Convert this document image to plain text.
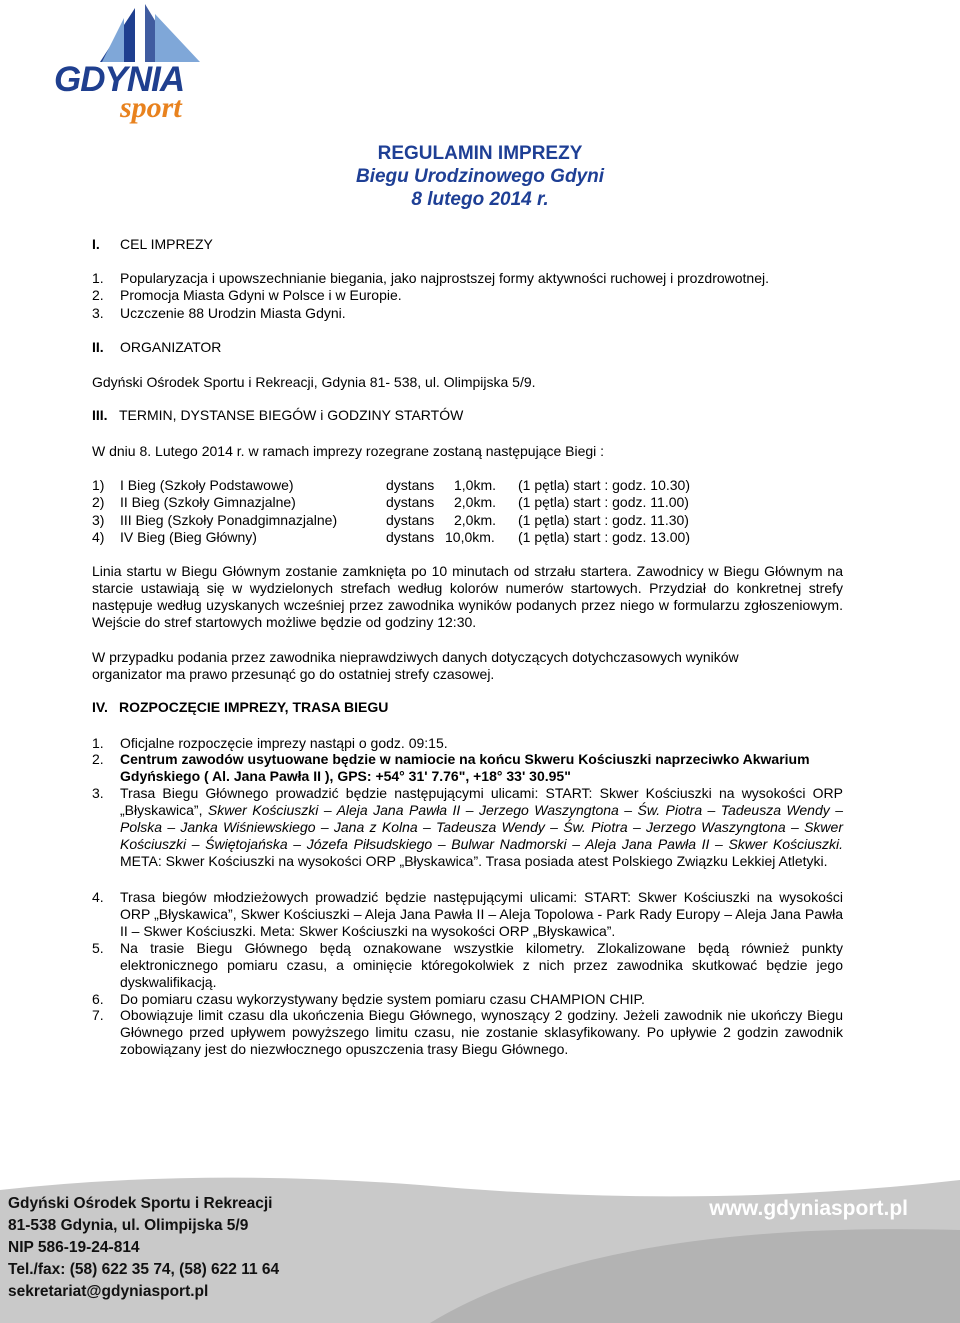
GDYNIA
sport
REGULAMIN IMPREZY
Biegu Urodzinowego Gdyni
8 lutego 2014 r.
I. CEL IMPREZY
1. Popularyzacja i upowszechnianie biegania, jako najprostszej formy aktywności ruchowej i prozdrowotnej.
2. Promocja Miasta Gdyni w Polsce i w Europie.
3. Uczczenie 88 Urodzin Miasta Gdyni.
II. ORGANIZATOR
Gdyński Ośrodek Sportu i Rekreacji, Gdynia 81- 538, ul. Olimpijska 5/9.
III. TERMIN, DYSTANSE BIEGÓW i GODZINY STARTÓW
W dniu 8. Lutego 2014 r. w ramach imprezy rozegrane zostaną następujące Biegi :
1) I Bieg (Szkoły Podstawowe)	dystans 1,0km. (1 pętla) start : godz. 10.30)
2) II Bieg (Szkoły Gimnazjalne)	dystans 2,0km. (1 pętla) start : godz. 11.00)
3) III Bieg (Szkoły Ponadgimnazjalne)	dystans 2,0km. (1 pętla) start : godz. 11.30)
4) IV Bieg (Bieg Główny)	dystans 10,0km. (1 pętla) start : godz. 13.00)
Linia startu w Biegu Głównym zostanie zamknięta po 10 minutach od strzału startera. Zawodnicy w Biegu Głównym na starcie ustawiają się w wydzielonych strefach według kolorów numerów startowych. Przydział do konkretnej strefy następuje według uzyskanych wcześniej przez zawodnika wyników podanych przez niego w formularzu zgłoszeniowym. Wejście do stref startowych możliwe będzie od godziny 12:30.
W przypadku podania przez zawodnika nieprawdziwych danych dotyczących dotychczasowych wyników organizator ma prawo przesunąć go do ostatniej strefy czasowej.
IV. ROZPOCZĘCIE IMPREZY, TRASA BIEGU
1. Oficjalne rozpoczęcie imprezy nastąpi o godz. 09:15.
2. Centrum zawodów usytuowane będzie w namiocie na końcu Skweru Kościuszki naprzeciwko Akwarium Gdyńskiego ( Al. Jana Pawła II ), GPS: +54° 31' 7.76", +18° 33' 30.95"
3. Trasa Biegu Głównego prowadzić będzie następującymi ulicami: START: Skwer Kościuszki na wysokości ORP „Błyskawica”, Skwer Kościuszki – Aleja Jana Pawła II – Jerzego Waszyngtona – Św. Piotra – Tadeusza Wendy – Polska – Janka Wiśniewskiego – Jana z Kolna – Tadeusza Wendy – Św. Piotra – Jerzego Waszyngtona – Skwer Kościuszki – Świętojańska – Józefa Piłsudskiego – Bulwar Nadmorski – Aleja Jana Pawła II – Skwer Kościuszki. META: Skwer Kościuszki na wysokości ORP „Błyskawica”. Trasa posiada atest Polskiego Związku Lekkiej Atletyki.
4. Trasa biegów młodzieżowych prowadzić będzie następującymi ulicami: START: Skwer Kościuszki na wysokości ORP „Błyskawica”, Skwer Kościuszki – Aleja Jana Pawła II – Aleja Topolowa - Park Rady Europy – Aleja Jana Pawła II – Skwer Kościuszki. Meta: Skwer Kościuszki na wysokości ORP „Błyskawica”.
5. Na trasie Biegu Głównego będą oznakowane wszystkie kilometry. Zlokalizowane będą również punkty elektronicznego pomiaru czasu, a ominięcie któregokolwiek z nich przez zawodnika skutkować będzie jego dyskwalifikacją.
6. Do pomiaru czasu wykorzystywany będzie system pomiaru czasu CHAMPION CHIP.
7. Obowiązuje limit czasu dla ukończenia Biegu Głównego, wynoszący 2 godziny. Jeżeli zawodnik nie ukończy Biegu Głównego przed upływem powyższego limitu czasu, nie zostanie sklasyfikowany. Po upływie 2 godzin zawodnik zobowiązany jest do niezwłocznego opuszczenia trasy Biegu Głównego.
Gdyński Ośrodek Sportu i Rekreacji
81-538 Gdynia, ul. Olimpijska 5/9
NIP 586-19-24-814
Tel./fax: (58) 622 35 74, (58) 622 11 64
sekretariat@gdyniasport.pl
www.gdyniasport.pl
